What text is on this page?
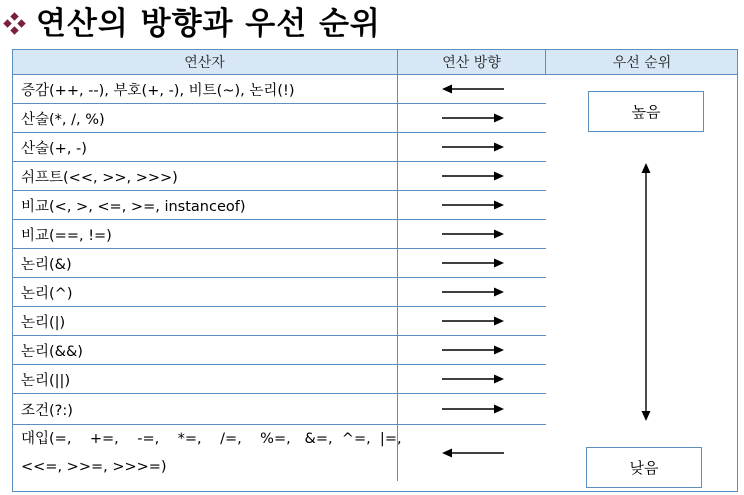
연산의 방향과 우선 순위
연산자	연산 방향	우선 순위
증감(++, --), 부호(+, -), 비트(~), 논리(!)
산술(*, /, %)
산술(+, -)
쉬프트(<<, >>, >>>)
비교(<, >, <=, >=, instanceof)
비교(==, !=)
논리(&)
논리(^)
논리(|)
논리(&&)
논리(||)
조건(?:)
대입(=,    +=,    -=,    *=,    /=,    %=,   &=,  ^=,  |=,
<<=, >>=, >>>=)
높음
낮음
